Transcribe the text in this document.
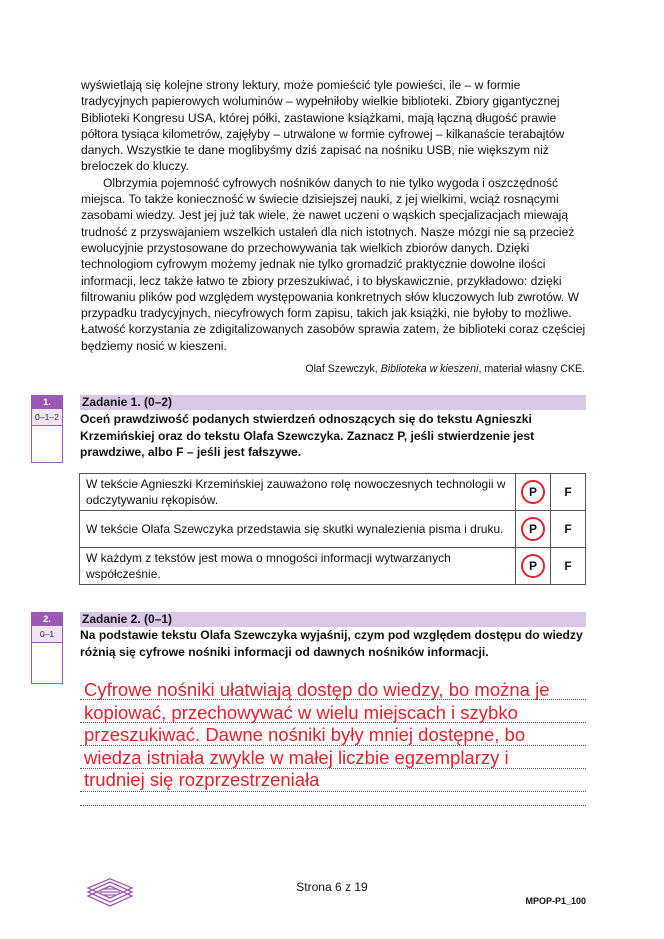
wyświetlają się kolejne strony lektury, może pomieścić tyle powieści, ile – w formie tradycyjnych papierowych woluminów – wypełniłoby wielkie biblioteki. Zbiory gigantycznej Biblioteki Kongresu USA, której półki, zastawione książkami, mają łączną długość prawie półtora tysiąca kilometrów, zajęłyby – utrwalone w formie cyfrowej – kilkanaście terabajtów danych. Wszystkie te dane moglibyśmy dziś zapisać na nośniku USB, nie większym niż breloczek do kluczy.

Olbrzymia pojemność cyfrowych nośników danych to nie tylko wygoda i oszczędność miejsca. To także konieczność w świecie dzisiejszej nauki, z jej wielkimi, wciąż rosnącymi zasobami wiedzy. Jest jej już tak wiele, że nawet uczeni o wąskich specjalizacjach miewają trudność z przyswajaniem wszelkich ustaleń dla nich istotnych. Nasze mózgi nie są przecież ewolucyjnie przystosowane do przechowywania tak wielkich zbiorów danych. Dzięki technologiom cyfrowym możemy jednak nie tylko gromadzić praktycznie dowolne ilości informacji, lecz także łatwo te zbiory przeszukiwać, i to błyskawicznie, przykładowo: dzięki filtrowaniu plików pod względem występowania konkretnych słów kluczowych lub zwrotów. W przypadku tradycyjnych, niecyfrowych form zapisu, takich jak książki, nie byłoby to możliwe. Łatwość korzystania ze zdigitalizowanych zasobów sprawia zatem, że biblioteki coraz częściej będziemy nosić w kieszeni.

Olaf Szewczyk, Biblioteka w kieszeni, materiał własny CKE.
1.
0–1–2
Zadanie 1. (0–2)
Oceń prawdziwość podanych stwierdzeń odnoszących się do tekstu Agnieszki Krzemińskiej oraz do tekstu Olafa Szewczyka. Zaznacz P, jeśli stwierdzenie jest prawdziwe, albo F – jeśli jest fałszywe.
W tekście Agnieszki Krzemińskiej zauważono rolę nowoczesnych technologii w odczytywaniu rękopisów.	P	F
W tekście Olafa Szewczyka przedstawia się skutki wynalezienia pisma i druku.	P	F
W każdym z tekstów jest mowa o mnogości informacji wytwarzanych współcześnie.	P	F
2.
0–1
Zadanie 2. (0–1)
Na podstawie tekstu Olafa Szewczyka wyjaśnij, czym pod względem dostępu do wiedzy różnią się cyfrowe nośniki informacji od dawnych nośników informacji.

Cyfrowe nośniki ułatwiają dostęp do wiedzy, bo można je

kopiować, przechowywać w wielu miejscach i szybko

przeszukiwać. Dawne nośniki były mniej dostępne, bo

wiedza istniała zwykle w małej liczbie egzemplarzy i

trudniej się rozprzestrzeniała

Strona 6 z 19
MPOP-P1_100
